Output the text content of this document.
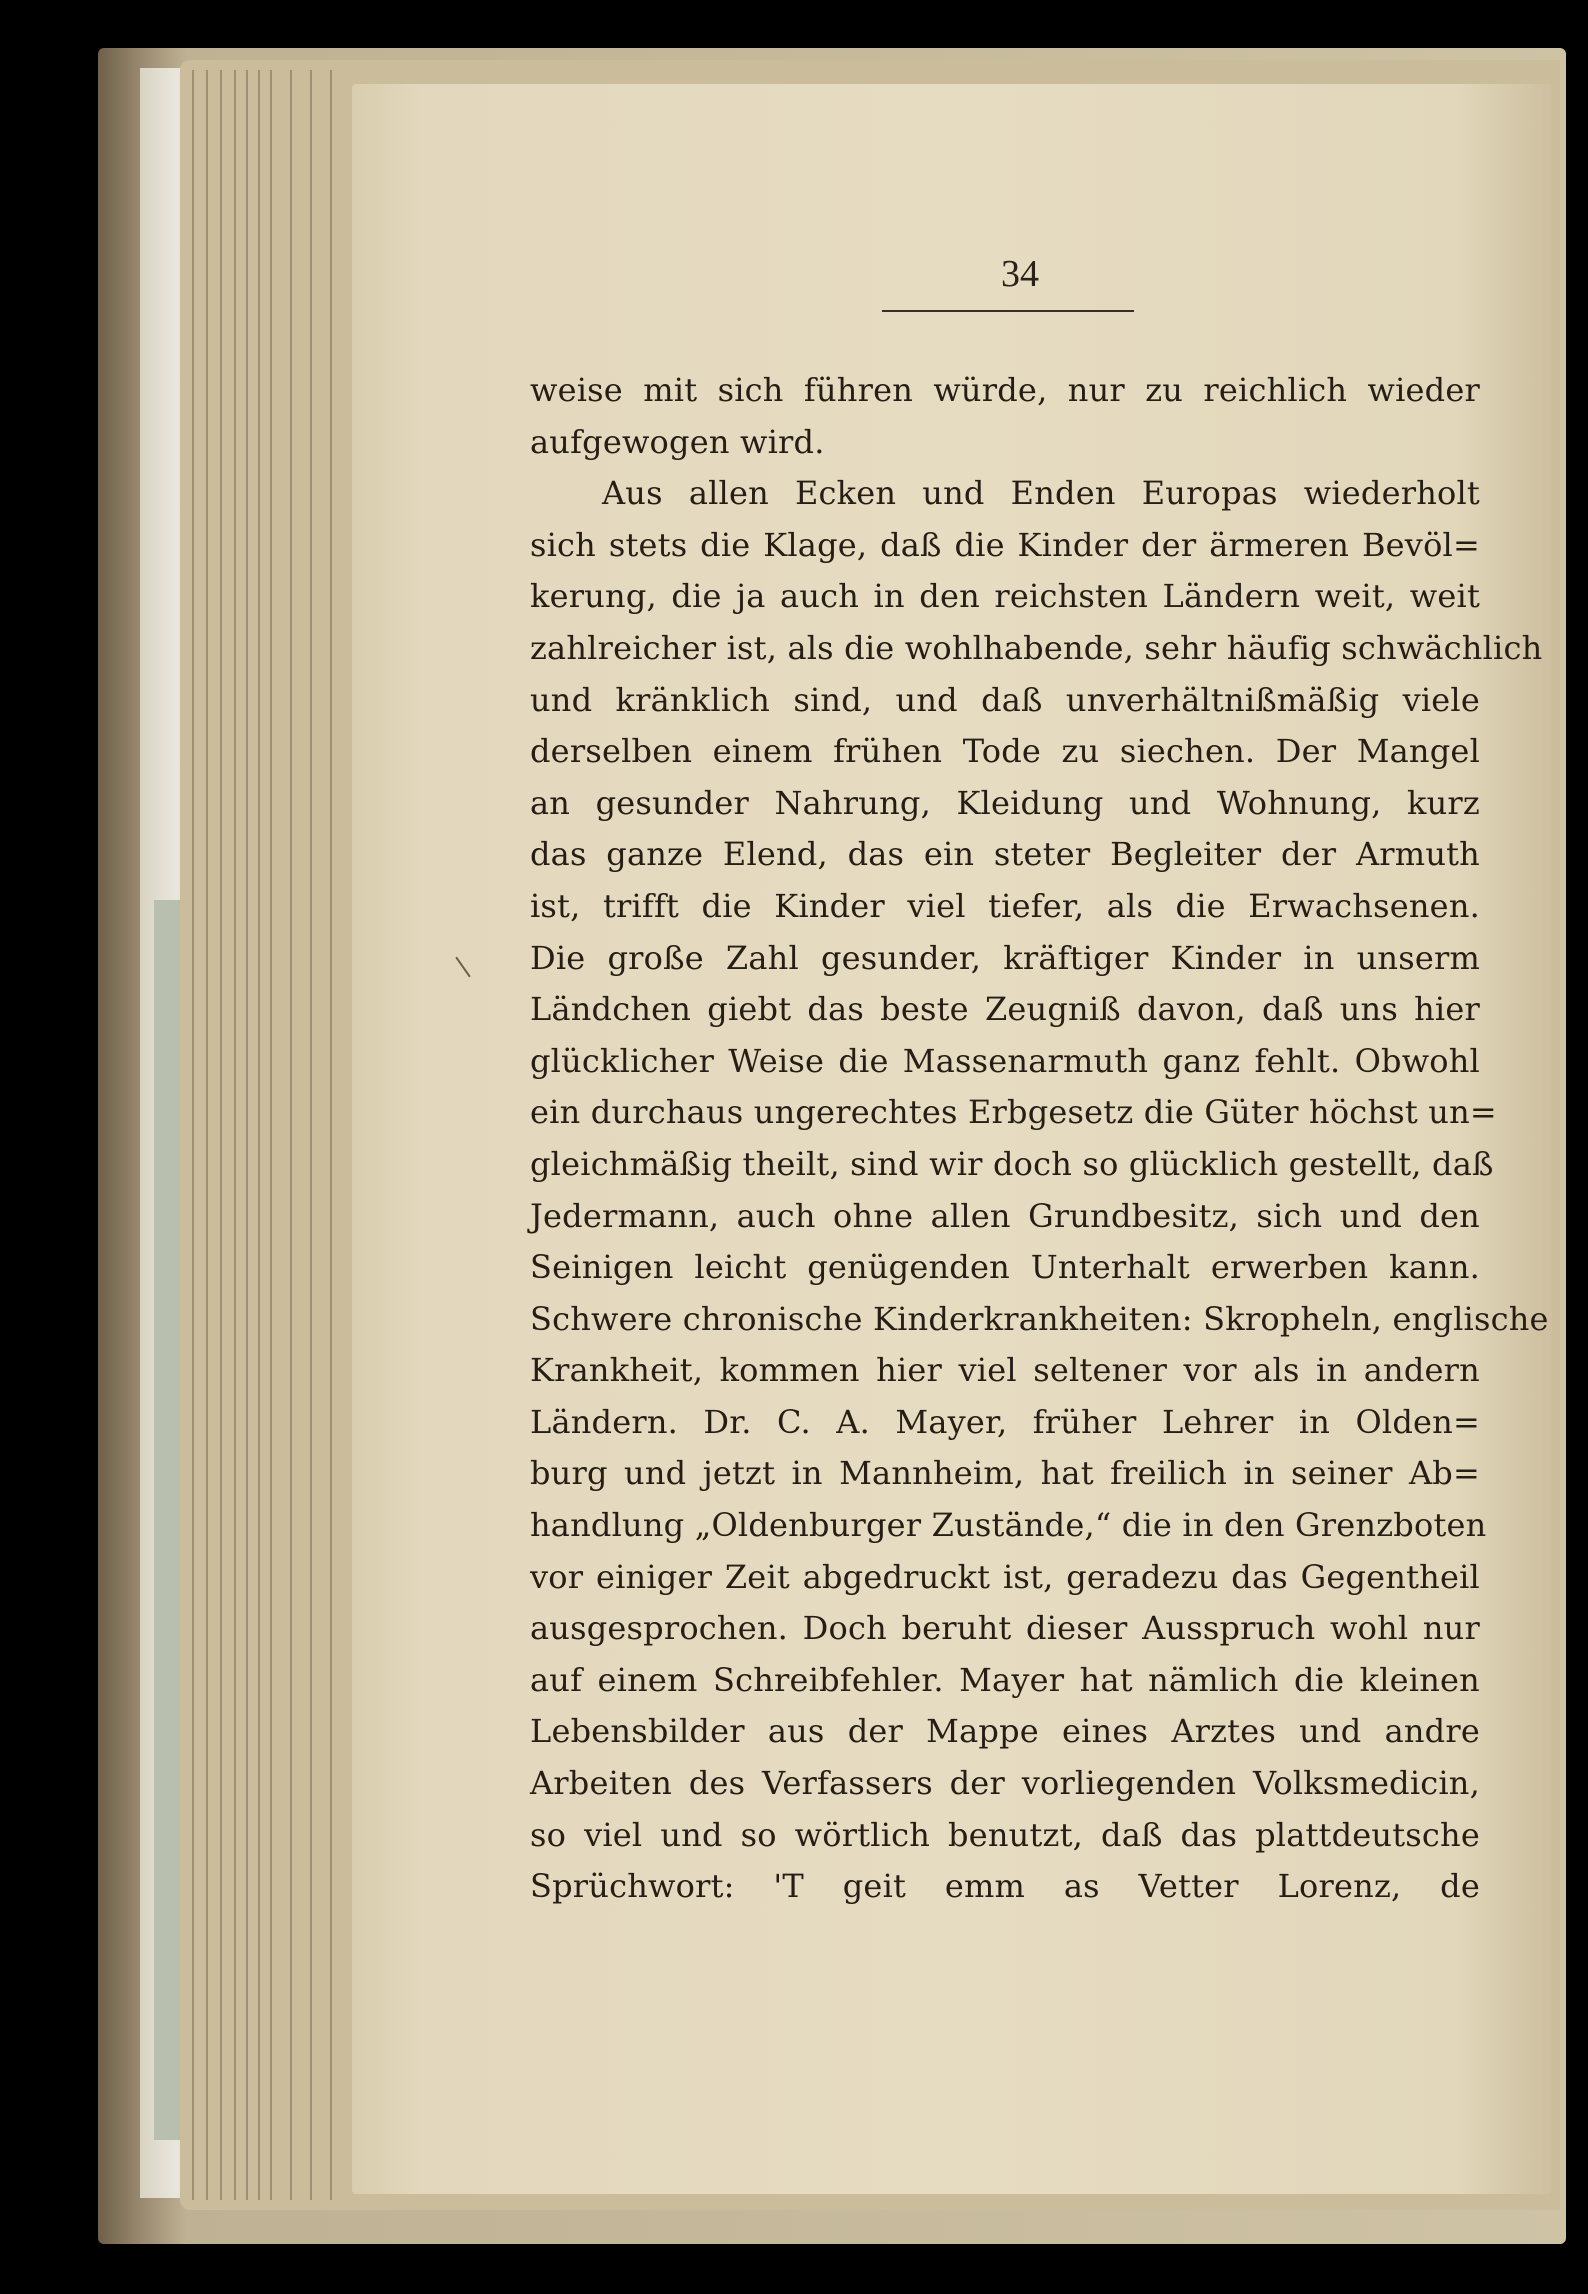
34
weise mit sich führen würde, nur zu reichlich wieder
aufgewogen wird.
Aus allen Ecken und Enden Europas wiederholt
sich stets die Klage, daß die Kinder der ärmeren Bevöl=
kerung, die ja auch in den reichsten Ländern weit, weit
zahlreicher ist, als die wohlhabende, sehr häufig schwächlich
und kränklich sind, und daß unverhältnißmäßig viele
derselben einem frühen Tode zu siechen. Der Mangel
an gesunder Nahrung, Kleidung und Wohnung, kurz
das ganze Elend, das ein steter Begleiter der Armuth
ist, trifft die Kinder viel tiefer, als die Erwachsenen.
Die große Zahl gesunder, kräftiger Kinder in unserm
Ländchen giebt das beste Zeugniß davon, daß uns hier
glücklicher Weise die Massenarmuth ganz fehlt. Obwohl
ein durchaus ungerechtes Erbgesetz die Güter höchst un=
gleichmäßig theilt, sind wir doch so glücklich gestellt, daß
Jedermann, auch ohne allen Grundbesitz, sich und den
Seinigen leicht genügenden Unterhalt erwerben kann.
Schwere chronische Kinderkrankheiten: Skropheln, englische
Krankheit, kommen hier viel seltener vor als in andern
Ländern. Dr. C. A. Mayer, früher Lehrer in Olden=
burg und jetzt in Mannheim, hat freilich in seiner Ab=
handlung „Oldenburger Zustände,“ die in den Grenzboten
vor einiger Zeit abgedruckt ist, geradezu das Gegentheil
ausgesprochen. Doch beruht dieser Ausspruch wohl nur
auf einem Schreibfehler. Mayer hat nämlich die kleinen
Lebensbilder aus der Mappe eines Arztes und andre
Arbeiten des Verfassers der vorliegenden Volksmedicin,
so viel und so wörtlich benutzt, daß das plattdeutsche
Sprüchwort: 'T geit emm as Vetter Lorenz, de
